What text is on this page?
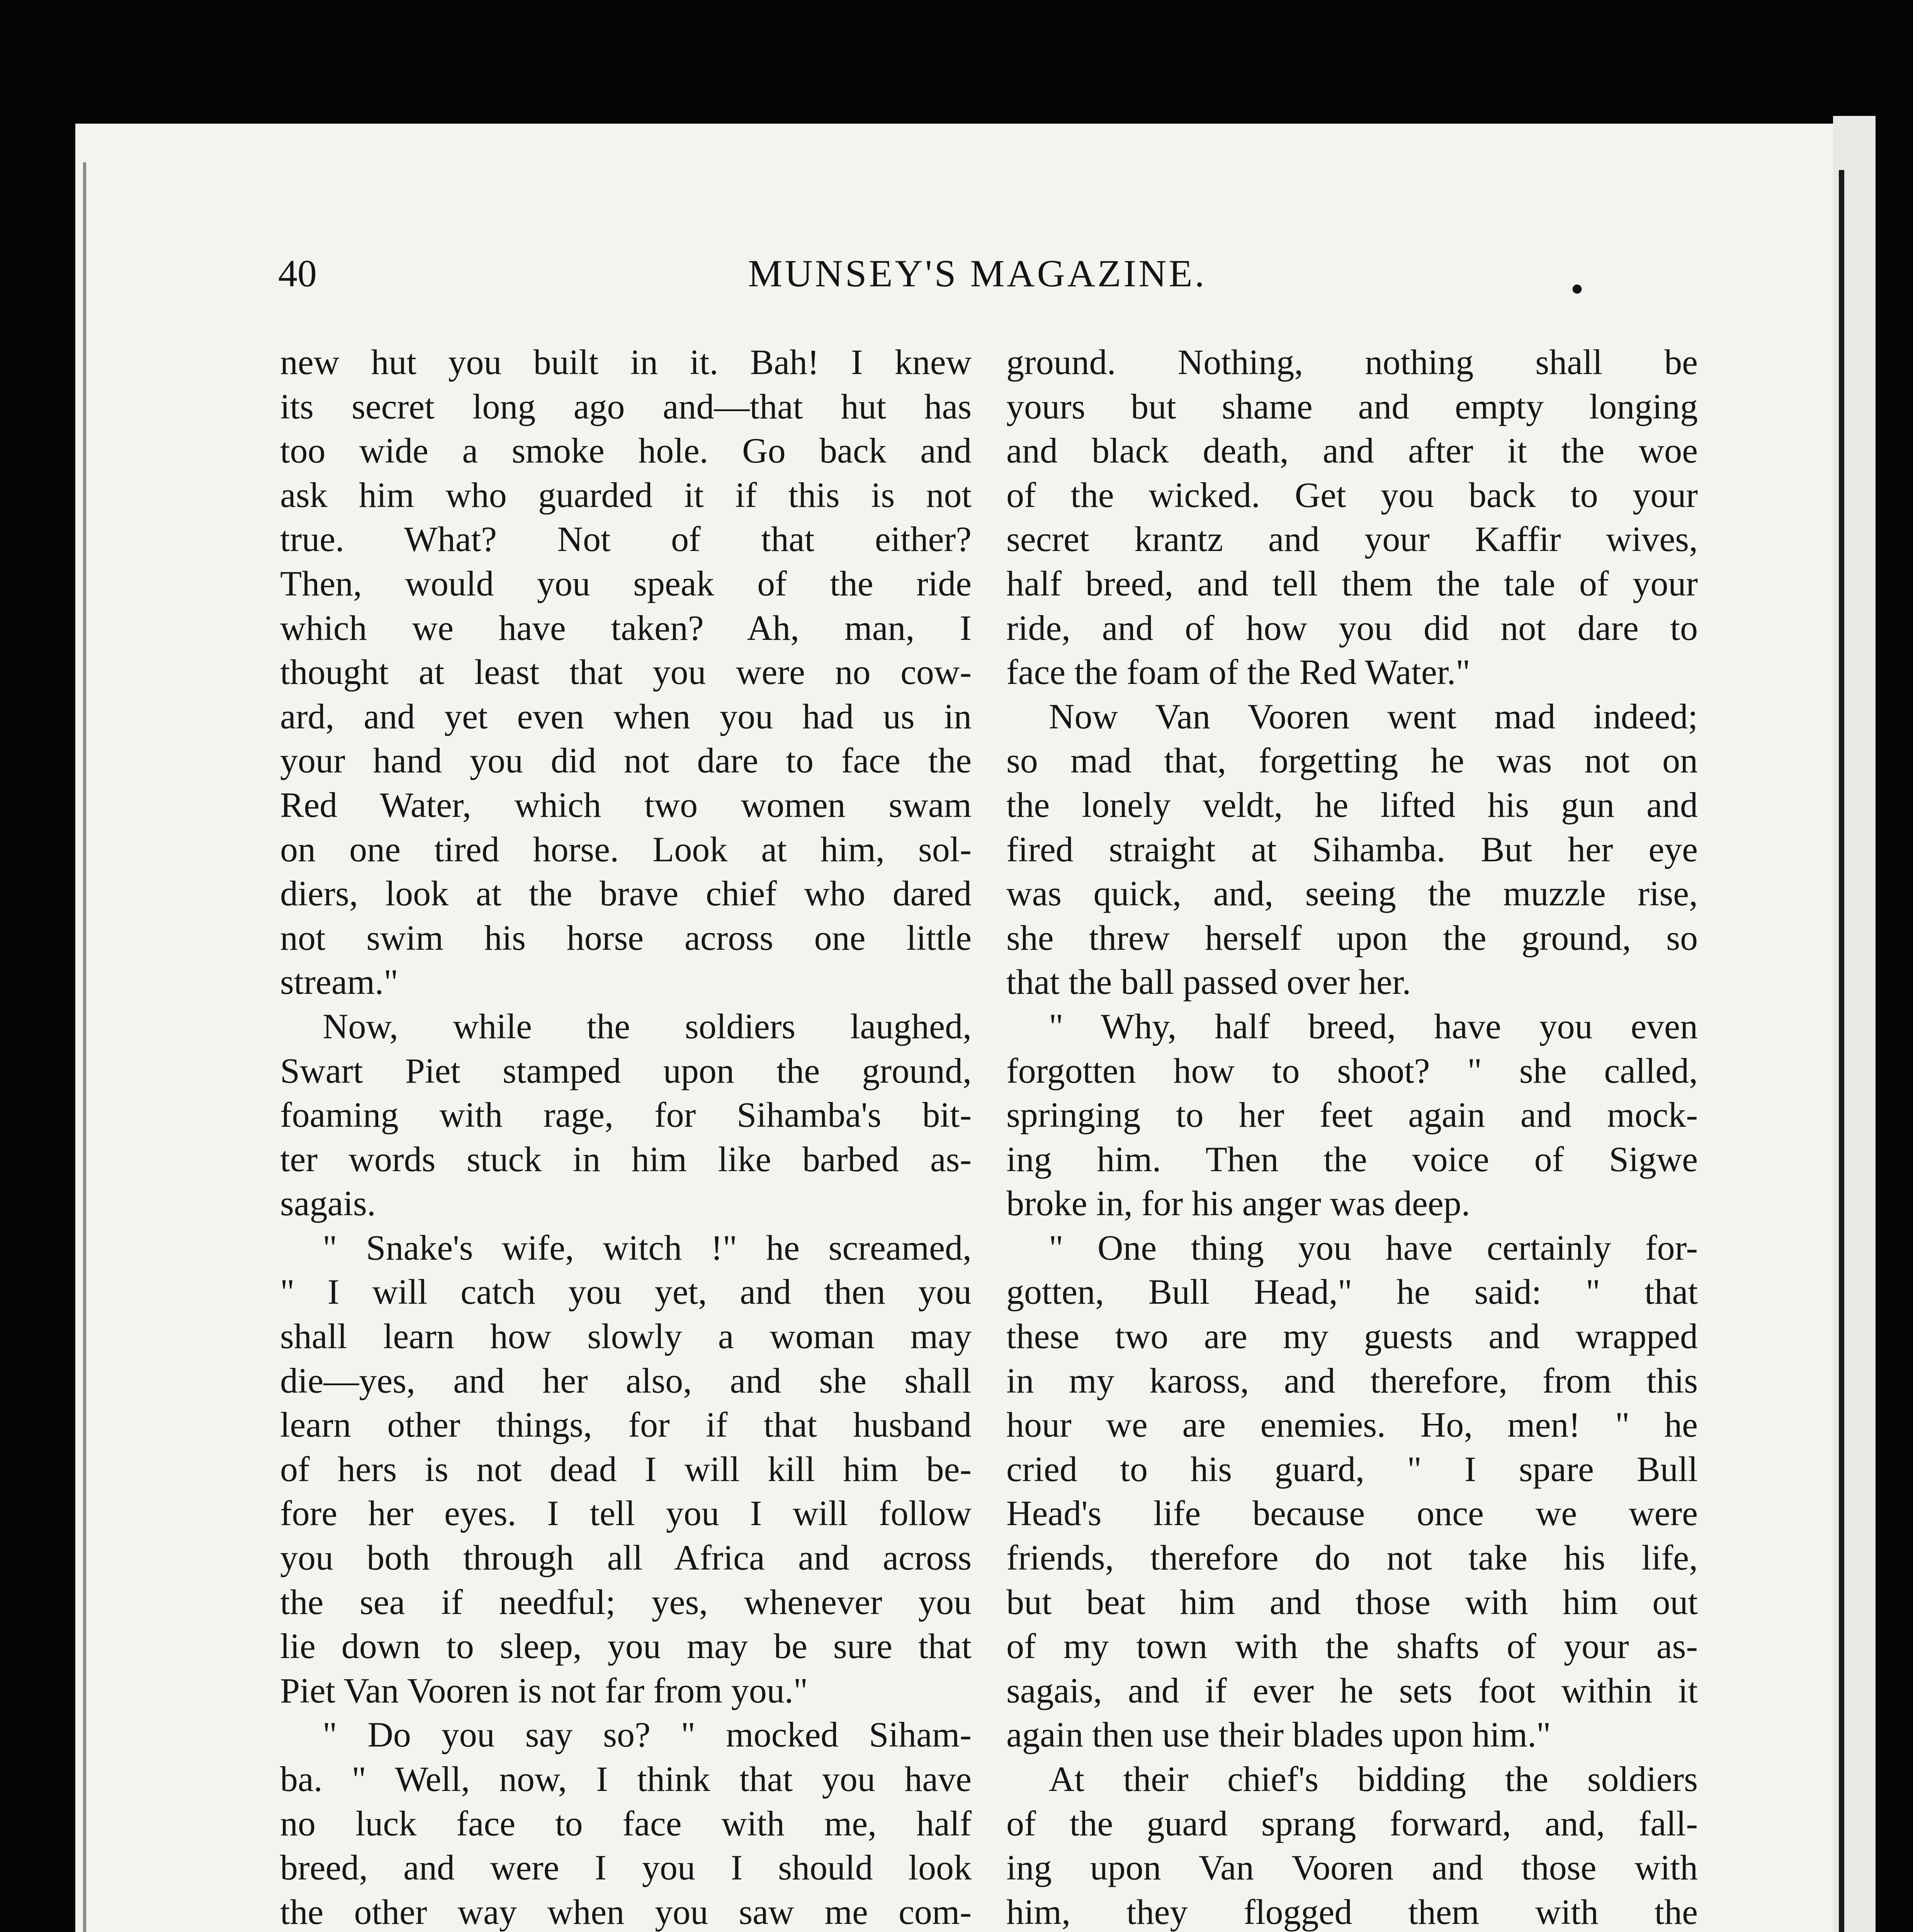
40	MUNSEY'S MAGAZINE.	•
new hut you built in it. Bah! I knew
its secret long ago and—that hut has
too wide a smoke hole. Go back and
ask him who guarded it if this is not
true. What? Not of that either?
Then, would you speak of the ride
which we have taken? Ah, man, I
thought at least that you were no cow-
ard, and yet even when you had us in
your hand you did not dare to face the
Red Water, which two women swam
on one tired horse. Look at him, sol-
diers, look at the brave chief who dared
not swim his horse across one little
stream."
Now, while the soldiers laughed,
Swart Piet stamped upon the ground,
foaming with rage, for Sihamba's bit-
ter words stuck in him like barbed as-
sagais.
" Snake's wife, witch !" he screamed,
" I will catch you yet, and then you
shall learn how slowly a woman may
die—yes, and her also, and she shall
learn other things, for if that husband
of hers is not dead I will kill him be-
fore her eyes. I tell you I will follow
you both through all Africa and across
the sea if needful; yes, whenever you
lie down to sleep, you may be sure that
Piet Van Vooren is not far from you."
" Do you say so? " mocked Siham-
ba. " Well, now, I think that you have
no luck face to face with me, half
breed, and were I you I should look
the other way when you saw me com-
ground. Nothing, nothing shall be
yours but shame and empty longing
and black death, and after it the woe
of the wicked. Get you back to your
secret krantz and your Kaffir wives,
half breed, and tell them the tale of your
ride, and of how you did not dare to
face the foam of the Red Water."
Now Van Vooren went mad indeed;
so mad that, forgetting he was not on
the lonely veldt, he lifted his gun and
fired straight at Sihamba. But her eye
was quick, and, seeing the muzzle rise,
she threw herself upon the ground, so
that the ball passed over her.
" Why, half breed, have you even
forgotten how to shoot? " she called,
springing to her feet again and mock-
ing him. Then the voice of Sigwe
broke in, for his anger was deep.
" One thing you have certainly for-
gotten, Bull Head," he said: " that
these two are my guests and wrapped
in my kaross, and therefore, from this
hour we are enemies. Ho, men! " he
cried to his guard, " I spare Bull
Head's life because once we were
friends, therefore do not take his life,
but beat him and those with him out
of my town with the shafts of your as-
sagais, and if ever he sets foot within it
again then use their blades upon him."
At their chief's bidding the soldiers
of the guard sprang forward, and, fall-
ing upon Van Vooren and those with
him, they flogged them with the
